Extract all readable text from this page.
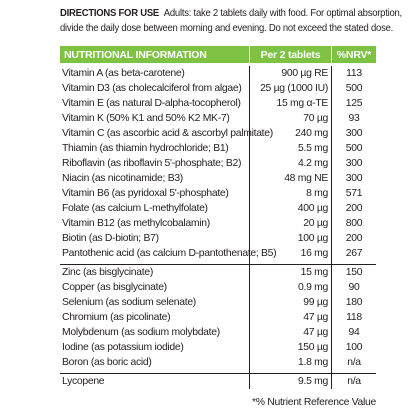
DIRECTIONS FOR USE Adults: take 2 tablets daily with food. For optimal absorption,
divide the daily dose between morning and evening. Do not exceed the stated dose.
NUTRITIONAL INFORMATION	Per 2 tablets	%NRV*
Vitamin A (as beta-carotene)	900 µg RE	113
Vitamin D3 (as cholecalciferol from algae)	25 µg (1000 IU)	500
Vitamin E (as natural D-alpha-tocopherol)	15 mg α-TE	125
Vitamin K (50% K1 and 50% K2 MK-7)	70 µg	93
Vitamin C (as ascorbic acid & ascorbyl palmitate)	240 mg	300
Thiamin (as thiamin hydrochloride; B1)	5.5 mg	500
Riboflavin (as riboflavin 5'-phosphate; B2)	4.2 mg	300
Niacin (as nicotinamide; B3)	48 mg NE	300
Vitamin B6 (as pyridoxal 5'-phosphate)	8 mg	571
Folate (as calcium L-methylfolate)	400 µg	200
Vitamin B12 (as methylcobalamin)	20 µg	800
Biotin (as D-biotin; B7)	100 µg	200
Pantothenic acid (as calcium D-pantothenate; B5)	16 mg	267
Zinc (as bisglycinate)	15 mg	150
Copper (as bisglycinate)	0.9 mg	90
Selenium (as sodium selenate)	99 µg	180
Chromium (as picolinate)	47 µg	118
Molybdenum (as sodium molybdate)	47 µg	94
Iodine (as potassium iodide)	150 µg	100
Boron (as boric acid)	1.8 mg	n/a
Lycopene	9.5 mg	n/a
*% Nutrient Reference Value
